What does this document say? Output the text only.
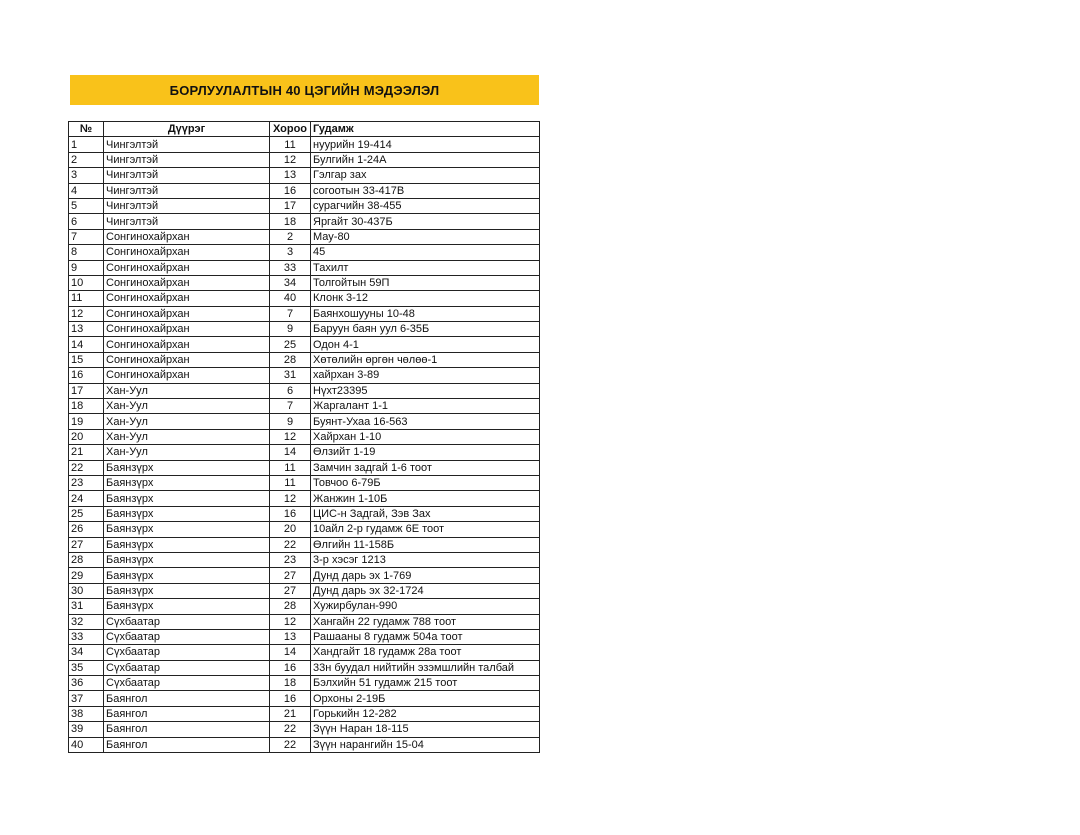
БОРЛУУЛАЛТЫН 40 ЦЭГИЙН МЭДЭЭЛЭЛ
№	Дүүрэг	Хороо	Гудамж
1	Чингэлтэй	11	нуурийн 19-414
2	Чингэлтэй	12	Булгийн 1-24А
3	Чингэлтэй	13	Гэлгар зах
4	Чингэлтэй	16	согоотын 33-417В
5	Чингэлтэй	17	сурагчийн 38-455
6	Чингэлтэй	18	Яргайт 30-437Б
7	Сонгинохайрхан	2	Мау-80
8	Сонгинохайрхан	3	45
9	Сонгинохайрхан	33	Тахилт
10	Сонгинохайрхан	34	Толгойтын 59П
11	Сонгинохайрхан	40	Клонк 3-12
12	Сонгинохайрхан	7	Баянхошууны 10-48
13	Сонгинохайрхан	9	Баруун баян уул 6-35Б
14	Сонгинохайрхан	25	Одон 4-1
15	Сонгинохайрхан	28	Хөтөлийн өргөн чөлөө-1
16	Сонгинохайрхан	31	хайрхан 3-89
17	Хан-Уул	6	Нүхт23395
18	Хан-Уул	7	Жаргалант 1-1
19	Хан-Уул	9	Буянт-Ухаа 16-563
20	Хан-Уул	12	Хайрхан 1-10
21	Хан-Уул	14	Өлзийт 1-19
22	Баянзүрх	11	Замчин задгай 1-6 тоот
23	Баянзүрх	11	Товчоо 6-79Б
24	Баянзүрх	12	Жанжин 1-10Б
25	Баянзүрх	16	ЦИС-н Задгай, Зэв Зах
26	Баянзүрх	20	10айл 2-р гудамж 6Е тоот
27	Баянзүрх	22	Өлгийн 11-158Б
28	Баянзүрх	23	3-р хэсэг 1213
29	Баянзүрх	27	Дунд дарь эх 1-769
30	Баянзүрх	27	Дунд дарь эх 32-1724
31	Баянзүрх	28	Хужирбулан-990
32	Сүхбаатар	12	Хангайн 22 гудамж 788 тоот
33	Сүхбаатар	13	Рашааны 8 гудамж 504а тоот
34	Сүхбаатар	14	Хандгайт 18 гудамж 28а тоот
35	Сүхбаатар	16	33н буудал нийтийн эзэмшлийн талбай
36	Сүхбаатар	18	Бэлхийн 51 гудамж 215 тоот
37	Баянгол	16	Орхоны 2-19Б
38	Баянгол	21	Горькийн 12-282
39	Баянгол	22	Зүүн Наран 18-115
40	Баянгол	22	Зүүн нарангийн 15-04
